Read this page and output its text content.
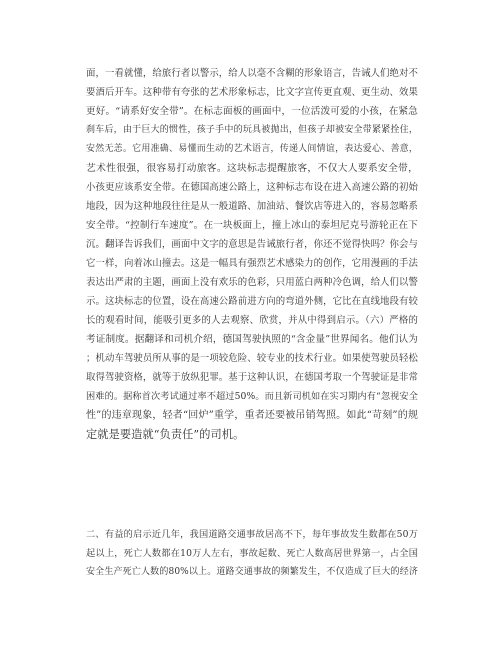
面，一看就懂，给旅行者以警示，给人以毫不含糊的形象语言，告诫人们绝对不
要酒后开车。这种带有夸张的艺术形象标志，比文字宣传更直观、更生动、效果
更好。“请系好安全带”。在标志面板的画面中，一位活泼可爱的小孩，在紧急
刹车后，由于巨大的惯性，孩子手中的玩具被抛出，但孩子却被安全带紧紧拴住，
安然无恙。它用准确、易懂而生动的艺术语言，传递人间情谊，表达爱心、善意，
艺术性很强，很容易打动旅客。这块标志提醒旅客，不仅大人要系安全带，
小孩更应该系安全带。在德国高速公路上，这种标志布设在进入高速公路的初始
地段，因为这种地段往往是从一般道路、加油站、餐饮店等进入的，容易忽略系
安全带。“控制行车速度”。在一块板面上，撞上冰山的泰坦尼克号游轮正在下
沉。翻译告诉我们，画面中文字的意思是告诫旅行者，你还不觉得快吗？你会与
它一样，向着冰山撞去。这是一幅具有强烈艺术感染力的创作，它用漫画的手法
表达出严肃的主题，画面上没有欢乐的色彩，只用蓝白两种冷色调，给人们以警
示。这块标志的位置，设在高速公路前进方向的弯道外侧，它比在直线地段有较
长的观看时间，能吸引更多的人去观察、欣赏，并从中得到启示。（六）严格的
考证制度。据翻译和司机介绍，德国驾驶执照的“含金量”世界闻名。他们认为
；机动车驾驶员所从事的是一项较危险、较专业的技术行业。如果使驾驶员轻松
取得驾驶资格，就等于放纵犯罪。基于这种认识，在德国考取一个驾驶证是非常
困难的。据称首次考试通过率不超过50%。而且新司机如在实习期内有“忽视安全
性”的违章现象，轻者“回炉”重学，重者还要被吊销驾照。如此“苛刻”的规
定就是要造就“负责任”的司机。
二、有益的启示近几年，我国道路交通事故居高不下，每年事故发生数都在50万
起以上，死亡人数都在10万人左右，事故起数、死亡人数高居世界第一，占全国
安全生产死亡人数的80%以上。道路交通事故的频繁发生，不仅造成了巨大的经济
